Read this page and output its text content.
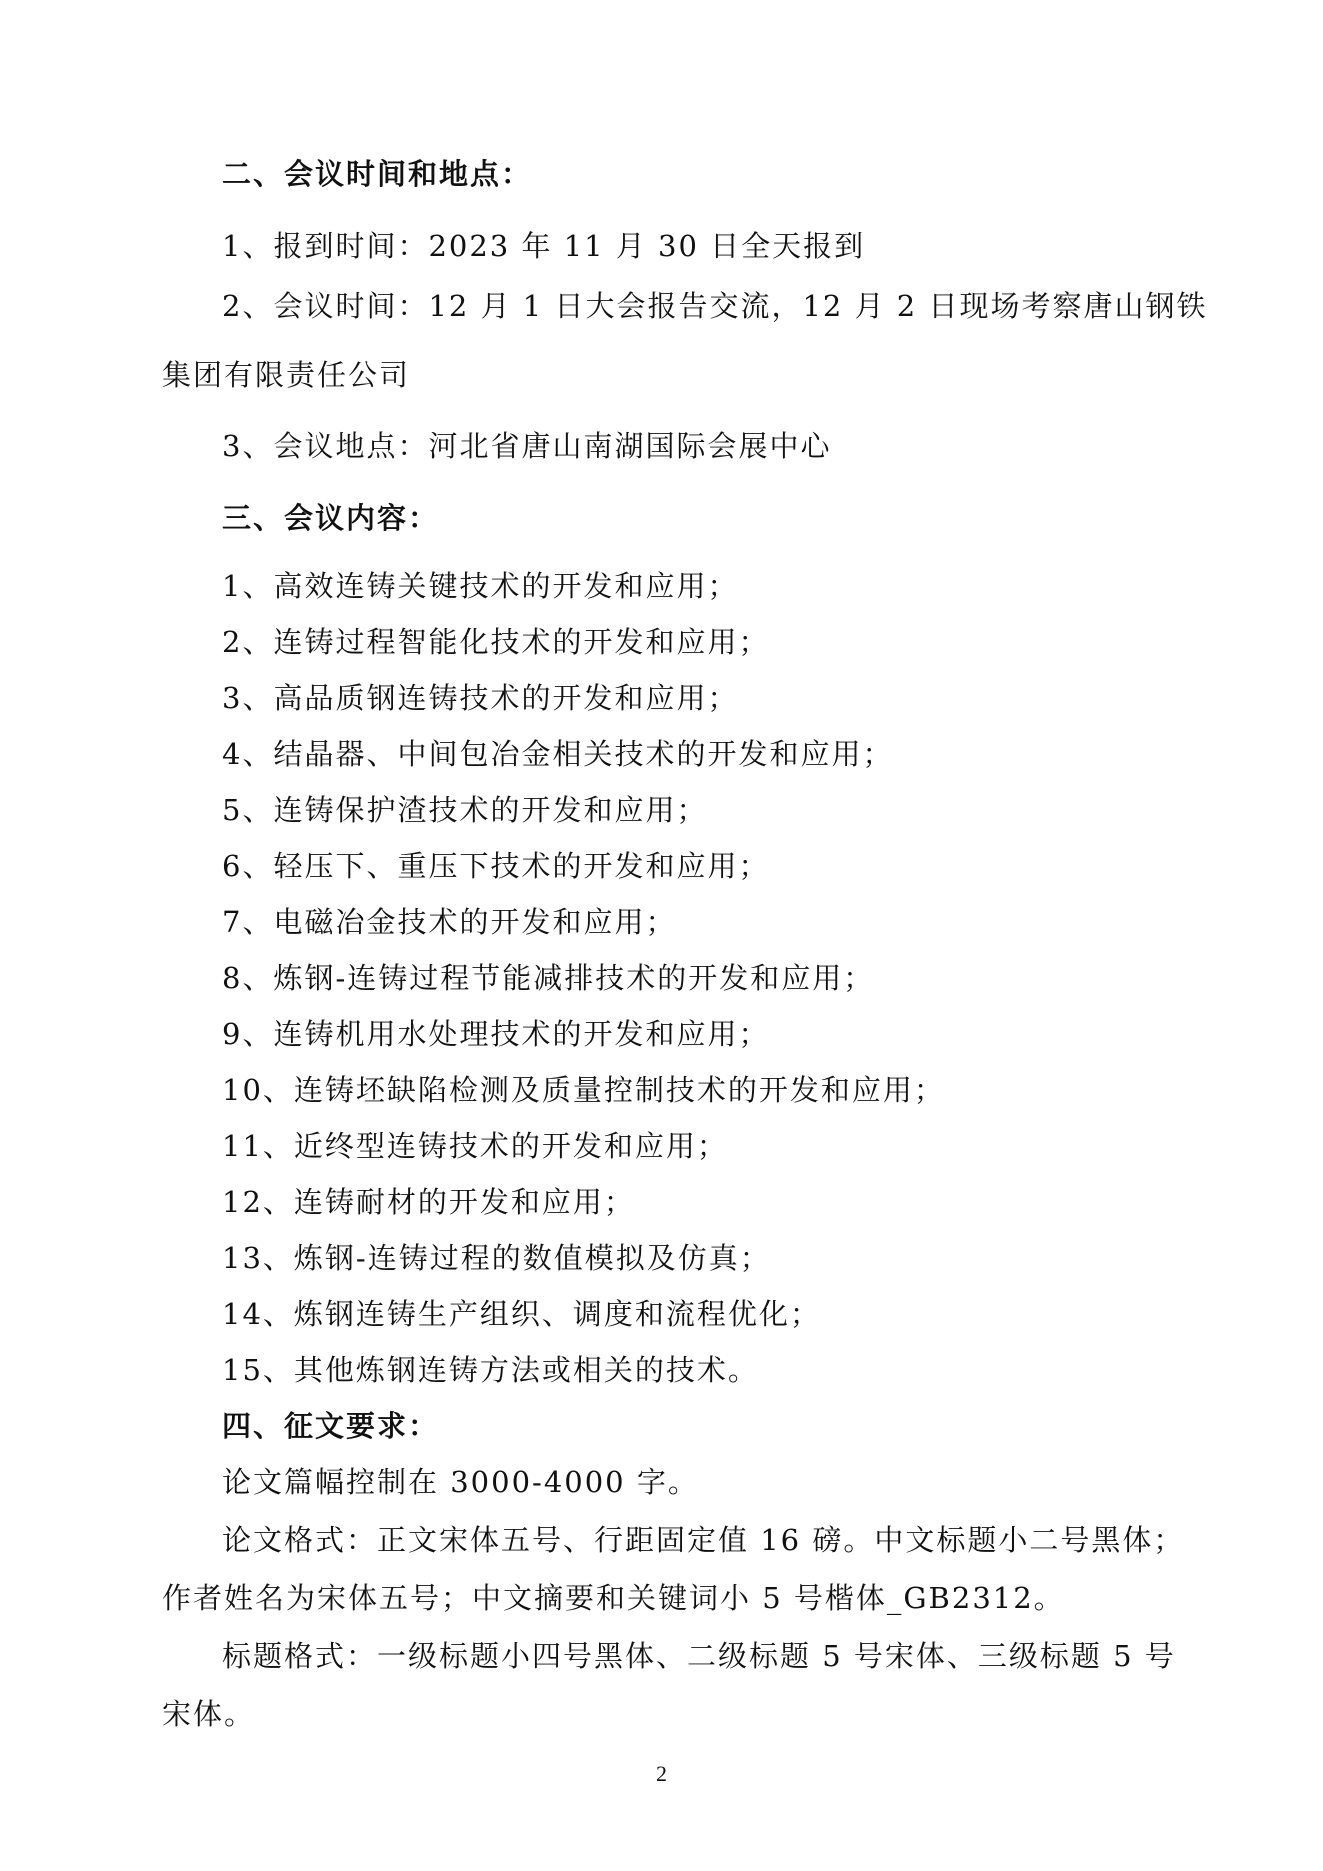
二、会议时间和地点：
1、报到时间：2023 年 11 月 30 日全天报到
2、会议时间：12 月 1 日大会报告交流，12 月 2 日现场考察唐山钢铁
集团有限责任公司
3、会议地点：河北省唐山南湖国际会展中心
三、会议内容：
1、高效连铸关键技术的开发和应用；
2、连铸过程智能化技术的开发和应用；
3、高品质钢连铸技术的开发和应用；
4、结晶器、中间包冶金相关技术的开发和应用；
5、连铸保护渣技术的开发和应用；
6、轻压下、重压下技术的开发和应用；
7、电磁冶金技术的开发和应用；
8、炼钢-连铸过程节能减排技术的开发和应用；
9、连铸机用水处理技术的开发和应用；
10、连铸坯缺陷检测及质量控制技术的开发和应用；
11、近终型连铸技术的开发和应用；
12、连铸耐材的开发和应用；
13、炼钢-连铸过程的数值模拟及仿真；
14、炼钢连铸生产组织、调度和流程优化；
15、其他炼钢连铸方法或相关的技术。
四、征文要求：
论文篇幅控制在 3000-4000 字。
论文格式：正文宋体五号、行距固定值 16 磅。中文标题小二号黑体；
作者姓名为宋体五号；中文摘要和关键词小 5 号楷体_GB2312。
标题格式：一级标题小四号黑体、二级标题 5 号宋体、三级标题 5 号
宋体。
2
